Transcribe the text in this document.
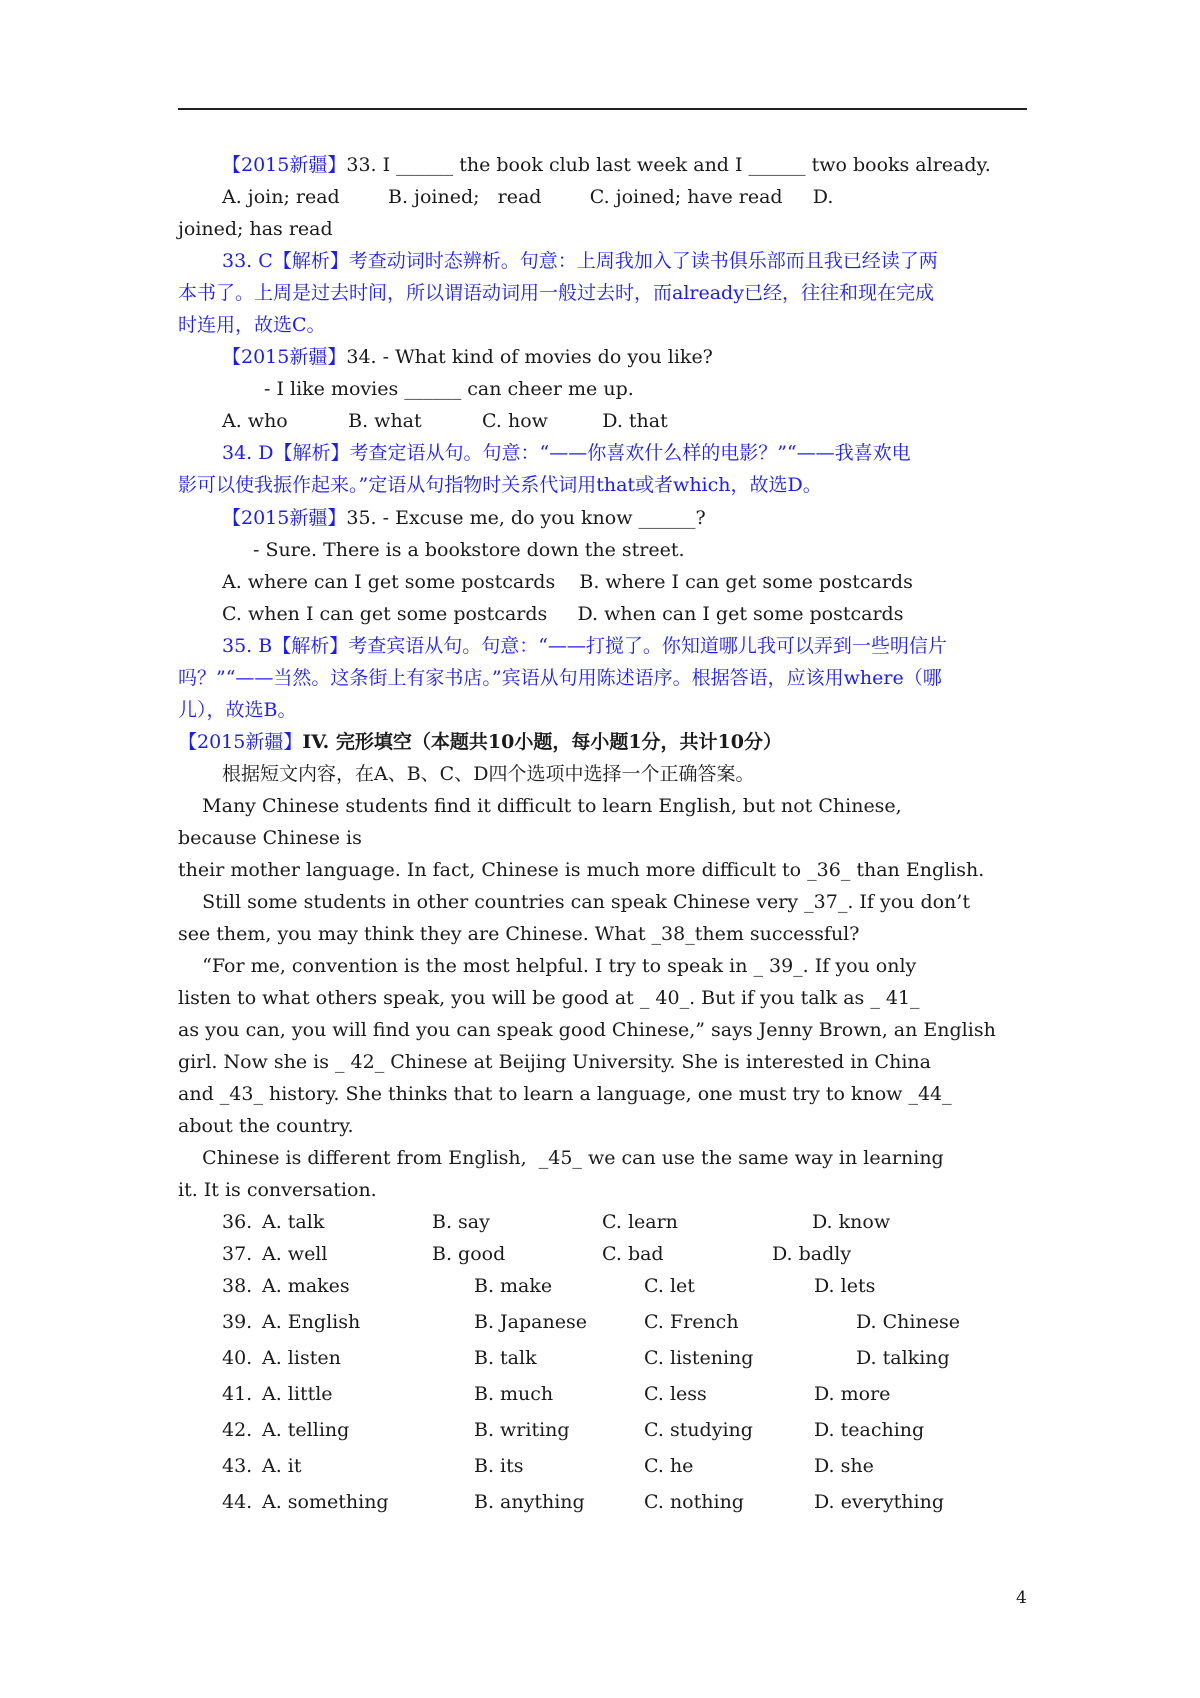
【2015新疆】33. I ______ the book club last week and I ______ two books already.
A. join; read        B. joined;   read        C. joined; have read     D.
joined; has read
33. C【解析】考查动词时态辨析。句意：上周我加入了读书俱乐部而且我已经读了两
本书了。上周是过去时间，所以谓语动词用一般过去时，而already已经，往往和现在完成
时连用，故选C。
【2015新疆】34. - What kind of movies do you like?
- I like movies ______ can cheer me up.
A. who          B. what          C. how         D. that
34. D【解析】考查定语从句。句意：“——你喜欢什么样的电影？”“——我喜欢电
影可以使我振作起来。”定语从句指物时关系代词用that或者which，故选D。
【2015新疆】35. - Excuse me, do you know ______?
- Sure. There is a bookstore down the street.
A. where can I get some postcards    B. where I can get some postcards
C. when I can get some postcards     D. when can I get some postcards
35. B【解析】考查宾语从句。句意：“——打搅了。你知道哪儿我可以弄到一些明信片
吗？”“——当然。这条街上有家书店。”宾语从句用陈述语序。根据答语，应该用where（哪
儿），故选B。
【2015新疆】IV. 完形填空（本题共10小题，每小题1分，共计10分）
根据短文内容，在A、B、C、D四个选项中选择一个正确答案。
Many Chinese students find it difficult to learn English, but not Chinese,
because Chinese is
their mother language. In fact, Chinese is much more difficult to _36_ than English.
Still some students in other countries can speak Chinese very _37_. If you don’t
see them, you may think they are Chinese. What _38_them successful?
“For me, convention is the most helpful. I try to speak in _ 39_. If you only
listen to what others speak, you will be good at _ 40_. But if you talk as _ 41_
as you can, you will find you can speak good Chinese,” says Jenny Brown, an English
girl. Now she is _ 42_ Chinese at Beijing University. She is interested in China
and _43_ history. She thinks that to learn a language, one must try to know _44_
about the country.
Chinese is different from English,  _45_ we can use the same way in learning
it. It is conversation.
36. A. talk	B. say	C. learn	D. know
37. A. well	B. good	C. bad	D. badly
38. A. makes	B. make	C. let	D. lets
39. A. English	B. Japanese	C. French	D. Chinese
40. A. listen	B. talk	C. listening	D. talking
41. A. little	B. much	C. less	D. more
42. A. telling	B. writing	C. studying	D. teaching
43. A. it	B. its	C. he	D. she
44. A. something	B. anything	C. nothing	D. everything
4
